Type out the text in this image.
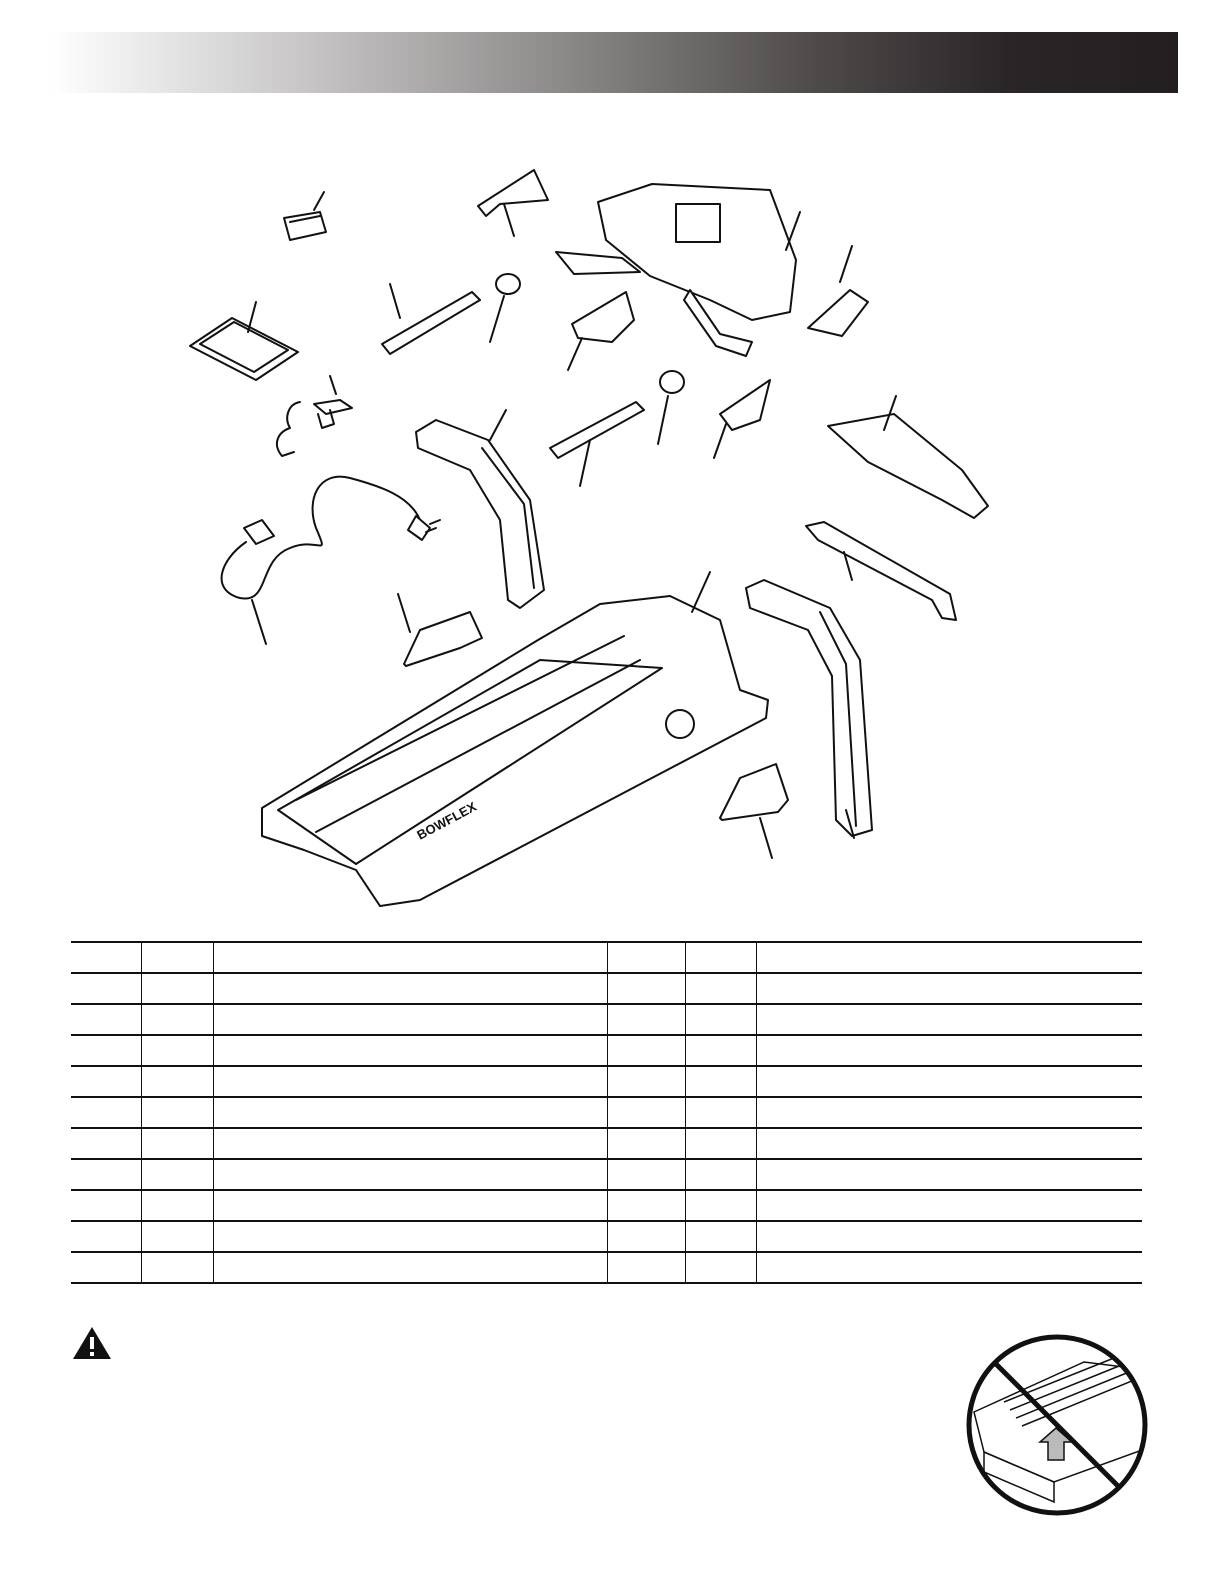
BOWFLEX
